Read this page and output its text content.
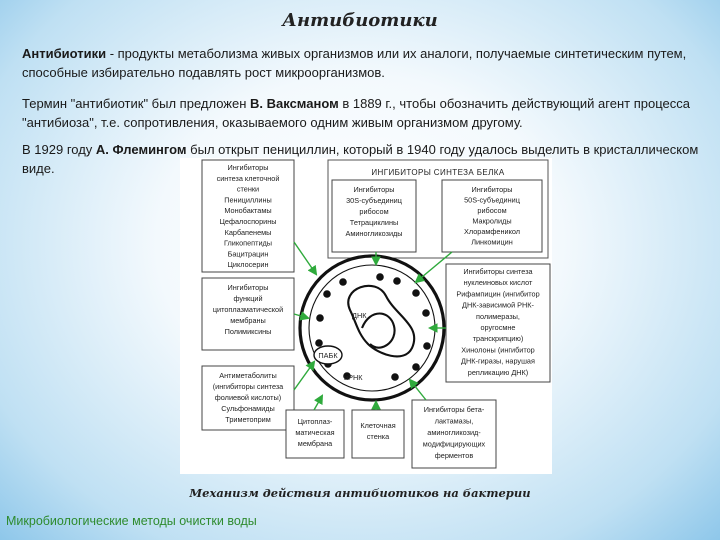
Антибиотики
Антибиотики - продукты метаболизма живых организмов или их аналоги, получаемые синтетическим путем, способные избирательно подавлять рост микроорганизмов.
Термин "антибиотик" был предложен В. Ваксманом в 1889 г., чтобы обозначить действующий агент процесса "антибиоза", т.е. сопротивления, оказываемого одним живым организмом другому.
В 1929 году А. Флемингом был открыт пенициллин, который в 1940 году удалось выделить в кристаллическом виде.	ИНГИБИТОРЫ СИНТЕЗА БЕЛКА
Ингибиторы
синтеза клеточной
стенки
Пенициллины
Монобактамы
Цефалоспорины
Карбапенемы
Гликопептиды
Бацитрацин
Циклосерин
Ингибиторы
30S-субъединиц
рибосом
Тетрациклины
Аминогликозиды
Ингибиторы
50S-субъединиц
рибосом
Макролиды
Хлорамфеникол
Линкомицин
Ингибиторы
функций
цитоплазматической
мембраны
Полимиксины
Ингибиторы синтеза
нуклеиновых кислот
Рифампицин (ингибитор
ДНК-зависимой РНК-
полимеразы,
оругосмне
транскрипцию)
Хинолоны (ингибитор
ДНК-гиразы, нарушая
репликацию ДНК)
Антиметаболиты
(ингибиторы синтеза
фолиевой кислоты)
Сульфонамиды
Триметоприм	Цитоплаз-
матическая
мембрана
Клеточная
стенка
Ингибиторы бета-
лактамазы,
аминогликозид-
модифицирующих
ферментов
ДНК
ПАБК
иРНК
Механизм действия антибиотиков на бактерии
Микробиологические методы очистки воды
